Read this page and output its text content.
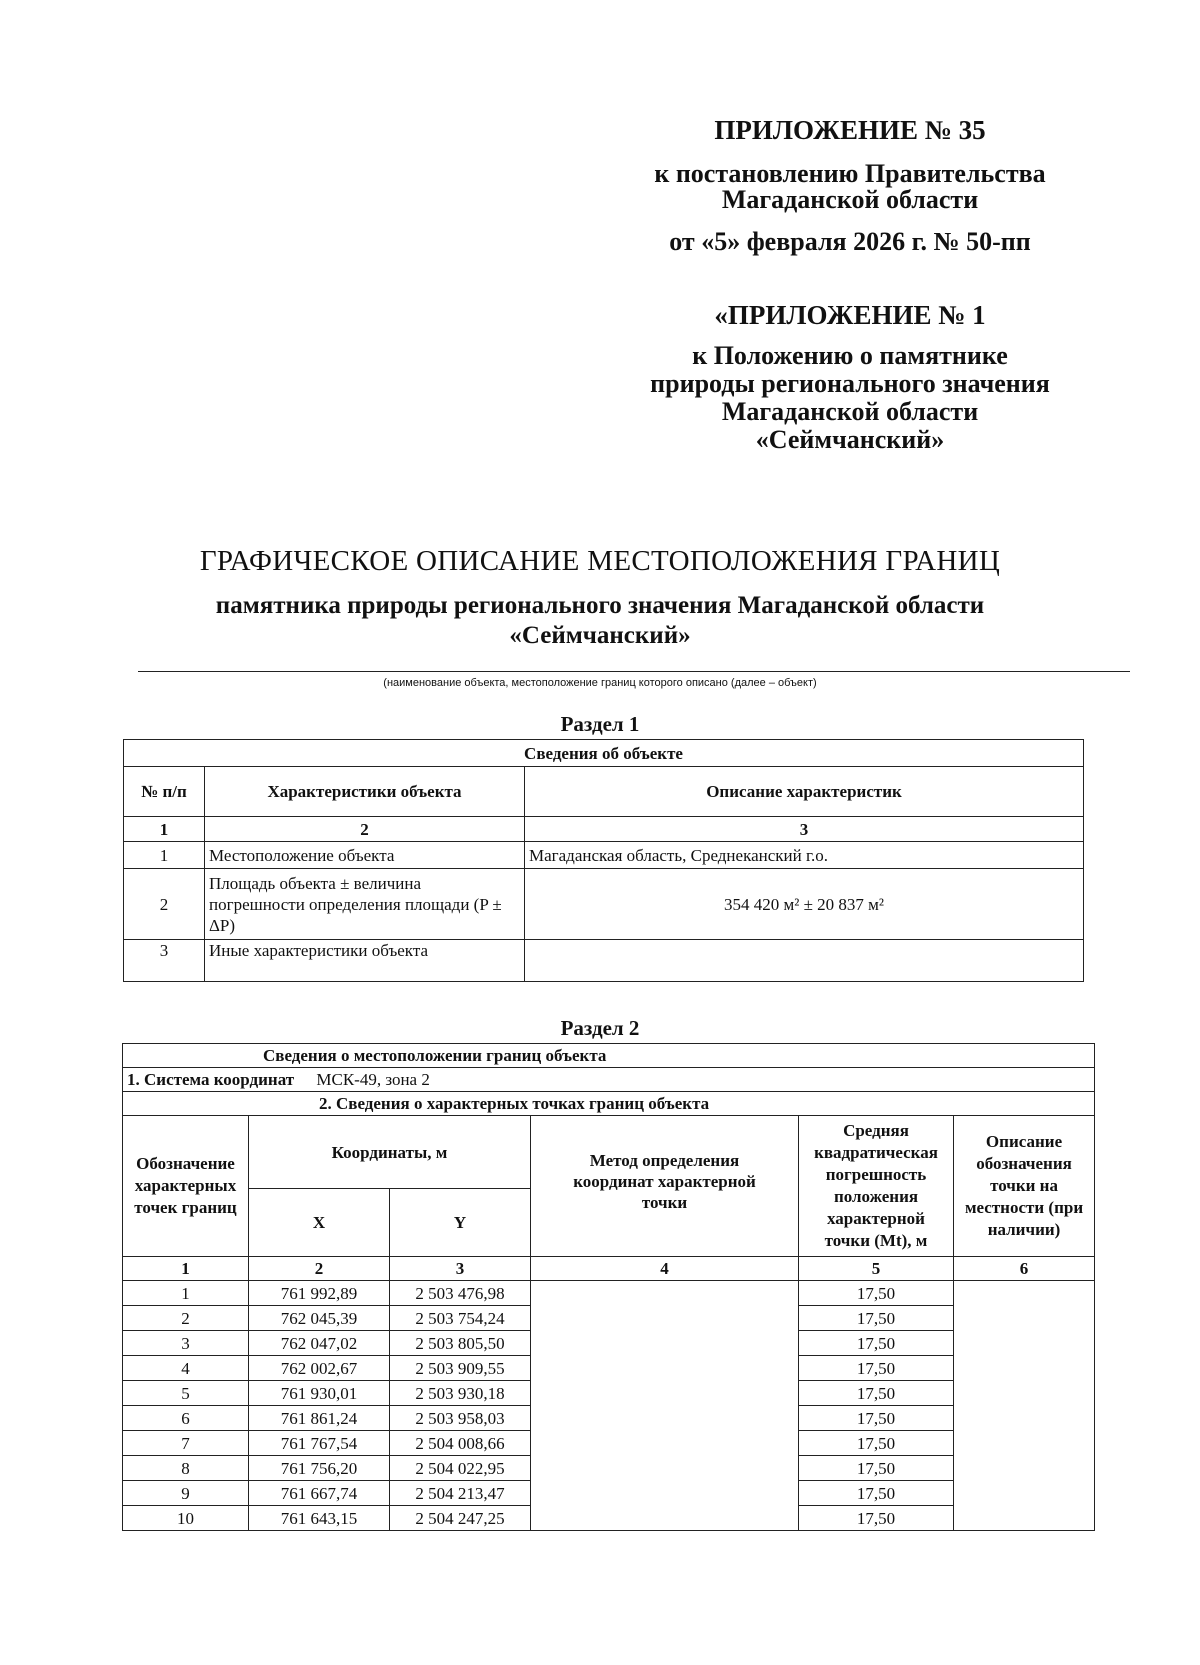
ПРИЛОЖЕНИЕ № 35
к постановлению Правительства
Магаданской области
от «5» февраля 2026 г. № 50-пп
«ПРИЛОЖЕНИЕ № 1
к Положению о памятнике
природы регионального значения
Магаданской области
«Сеймчанский»
ГРАФИЧЕСКОЕ ОПИСАНИЕ МЕСТОПОЛОЖЕНИЯ ГРАНИЦ
памятника природы регионального значения Магаданской области
«Сеймчанский»
(наименование объекта, местоположение границ которого описано (далее – объект)
Раздел 1
Сведения об объекте		
№ п/п	Характеристики объекта	Описание характеристик
1	2	3
1	Местоположение объекта	Магаданская область, Среднеканский г.о.
2	Площадь объекта ± величина погрешности определения площади (P ± ΔP)	354 420 м² ± 20 837 м²
3	Иные характеристики объекта	
Раздел 2
Сведения о местоположении границ объекта					
1. Система координат МСК-49, зона 2					
2. Сведения о характерных точках границ объекта					
Обозначение характерных точек границ	Координаты, м		Метод определения координат характерной точки	Средняя квадратическая погрешность положения характерной точки (Mt), м	Описание обозначения точки на местности (при наличии)
	X	Y			
1	2	3	4	5	6
1	761 992,89	2 503 476,98		17,50	
2	762 045,39	2 503 754,24		17,50	
3	762 047,02	2 503 805,50		17,50	
4	762 002,67	2 503 909,55		17,50	
5	761 930,01	2 503 930,18		17,50	
6	761 861,24	2 503 958,03		17,50	
7	761 767,54	2 504 008,66		17,50	
8	761 756,20	2 504 022,95		17,50	
9	761 667,74	2 504 213,47		17,50	
10	761 643,15	2 504 247,25		17,50	
